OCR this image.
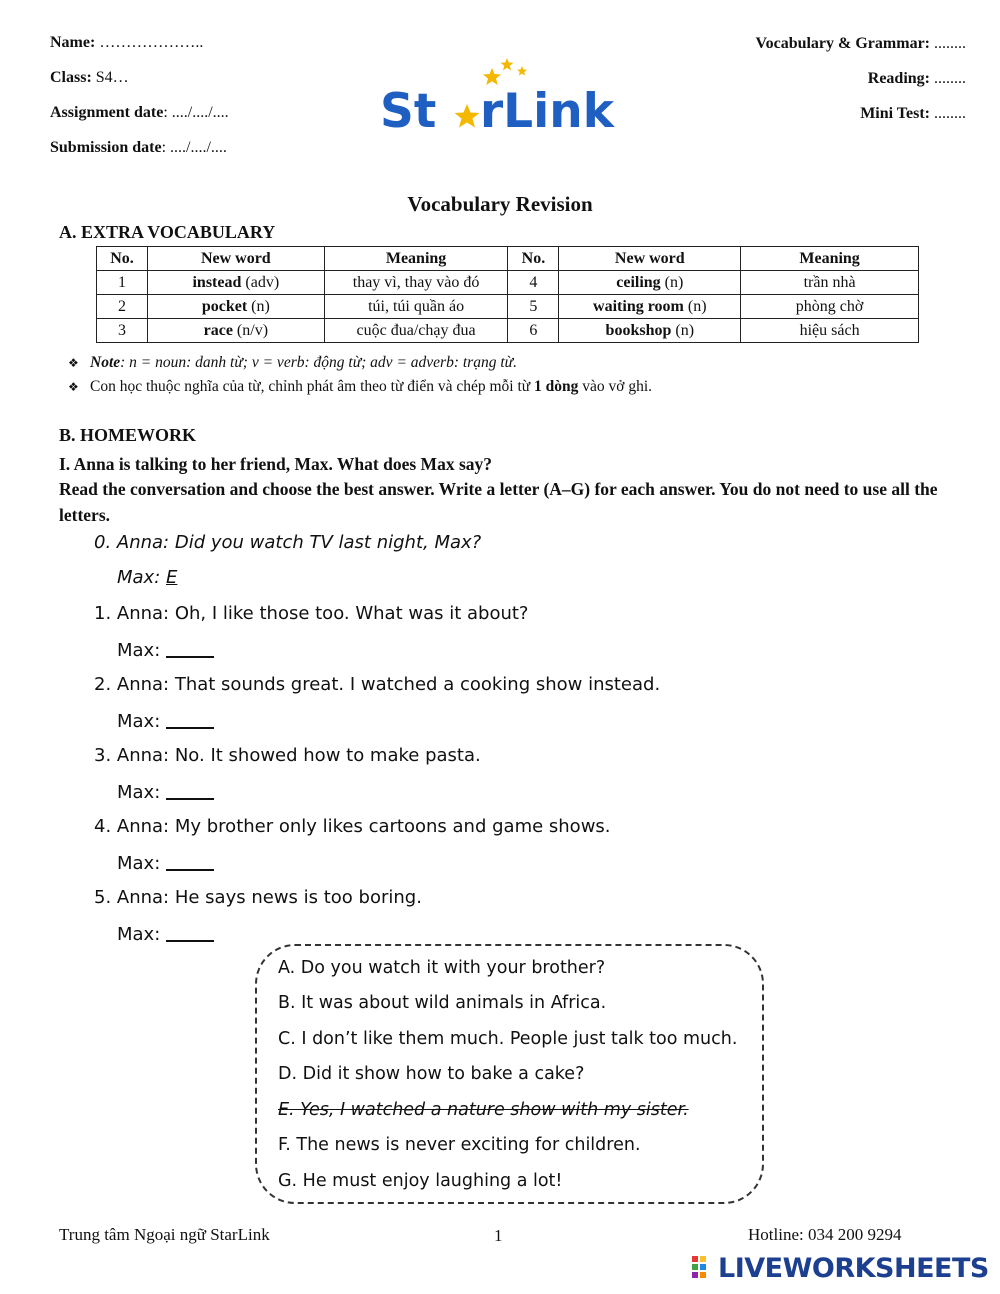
Name: ………………..
Class: S4…
Assignment date: ..../..../....
Submission date: ..../..../....
Vocabulary & Grammar: ........
Reading: ........
Mini Test: ........
St rLink
Vocabulary Revision
A. EXTRA VOCABULARY
No.	New word	Meaning	No.	New word	Meaning
1	instead (adv)	thay vì, thay vào đó	4	ceiling (n)	trần nhà
2	pocket (n)	túi, túi quần áo	5	waiting room (n)	phòng chờ
3	race (n/v)	cuộc đua/chạy đua	6	bookshop (n)	hiệu sách
❖ Note: n = noun: danh từ; v = verb: động từ; adv = adverb: trạng từ.
❖ Con học thuộc nghĩa của từ, chỉnh phát âm theo từ điển và chép mỗi từ 1 dòng vào vở ghi.
B. HOMEWORK
I. Anna is talking to her friend, Max. What does Max say?
Read the conversation and choose the best answer. Write a letter (A–G) for each answer. You do not need to use all the letters.
0. Anna: Did you watch TV last night, Max?
Max: E
1. Anna: Oh, I like those too. What was it about?
Max:
2. Anna: That sounds great. I watched a cooking show instead.
Max:
3. Anna: No. It showed how to make pasta.
Max:
4. Anna: My brother only likes cartoons and game shows.
Max:
5. Anna: He says news is too boring.
Max:
A. Do you watch it with your brother?
B. It was about wild animals in Africa.
C. I don’t like them much. People just talk too much.
D. Did it show how to bake a cake?
E. Yes, I watched a nature show with my sister.
F. The news is never exciting for children.
G. He must enjoy laughing a lot!
Trung tâm Ngoại ngữ StarLink	1	Hotline: 034 200 9294
LIVEWORKSHEETS
